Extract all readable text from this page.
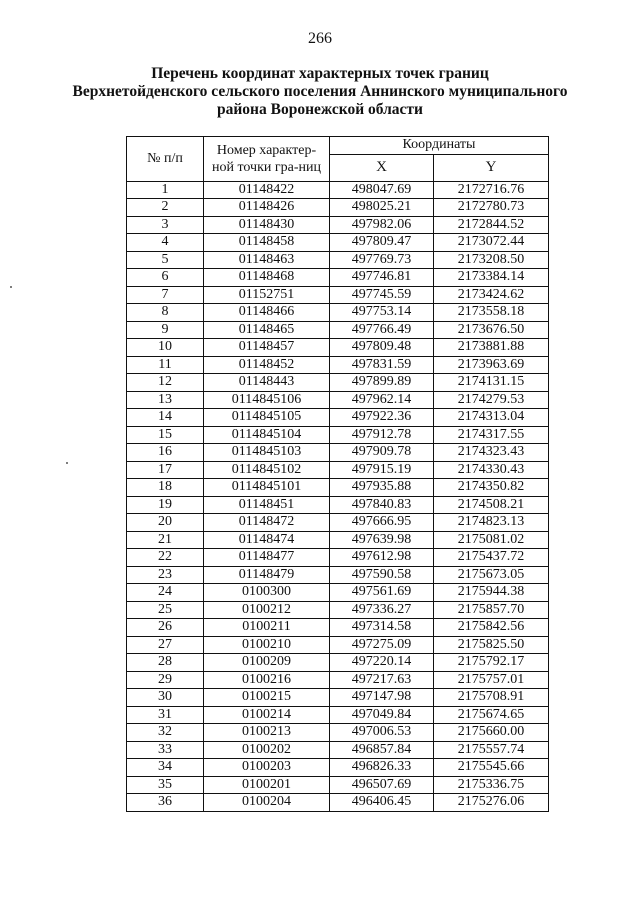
266
Перечень координат характерных точек границ
Верхнетойденского сельского поселения Аннинского муниципального
района Воронежской области
№ п/п	Номер характер-ной точки гра-ниц	Координаты	
		X	Y
1	01148422	498047.69	2172716.76
2	01148426	498025.21	2172780.73
3	01148430	497982.06	2172844.52
4	01148458	497809.47	2173072.44
5	01148463	497769.73	2173208.50
6	01148468	497746.81	2173384.14
7	01152751	497745.59	2173424.62
8	01148466	497753.14	2173558.18
9	01148465	497766.49	2173676.50
10	01148457	497809.48	2173881.88
11	01148452	497831.59	2173963.69
12	01148443	497899.89	2174131.15
13	0114845106	497962.14	2174279.53
14	0114845105	497922.36	2174313.04
15	0114845104	497912.78	2174317.55
16	0114845103	497909.78	2174323.43
17	0114845102	497915.19	2174330.43
18	0114845101	497935.88	2174350.82
19	01148451	497840.83	2174508.21
20	01148472	497666.95	2174823.13
21	01148474	497639.98	2175081.02
22	01148477	497612.98	2175437.72
23	01148479	497590.58	2175673.05
24	0100300	497561.69	2175944.38
25	0100212	497336.27	2175857.70
26	0100211	497314.58	2175842.56
27	0100210	497275.09	2175825.50
28	0100209	497220.14	2175792.17
29	0100216	497217.63	2175757.01
30	0100215	497147.98	2175708.91
31	0100214	497049.84	2175674.65
32	0100213	497006.53	2175660.00
33	0100202	496857.84	2175557.74
34	0100203	496826.33	2175545.66
35	0100201	496507.69	2175336.75
36	0100204	496406.45	2175276.06
